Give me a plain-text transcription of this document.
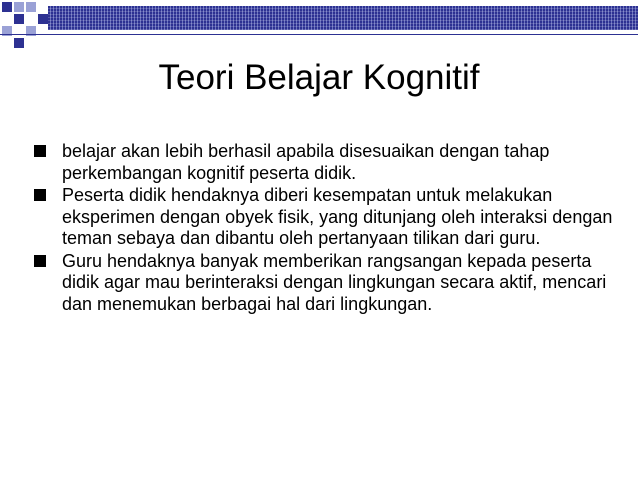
Teori Belajar Kognitif
belajar akan lebih berhasil apabila disesuaikan dengan tahap perkembangan kognitif peserta didik.
Peserta didik hendaknya diberi kesempatan untuk melakukan eksperimen dengan obyek fisik, yang ditunjang oleh interaksi dengan teman sebaya dan dibantu oleh pertanyaan tilikan dari guru.
Guru hendaknya banyak memberikan rangsangan kepada peserta didik agar mau berinteraksi dengan lingkungan secara aktif, mencari dan menemukan berbagai hal dari lingkungan.
